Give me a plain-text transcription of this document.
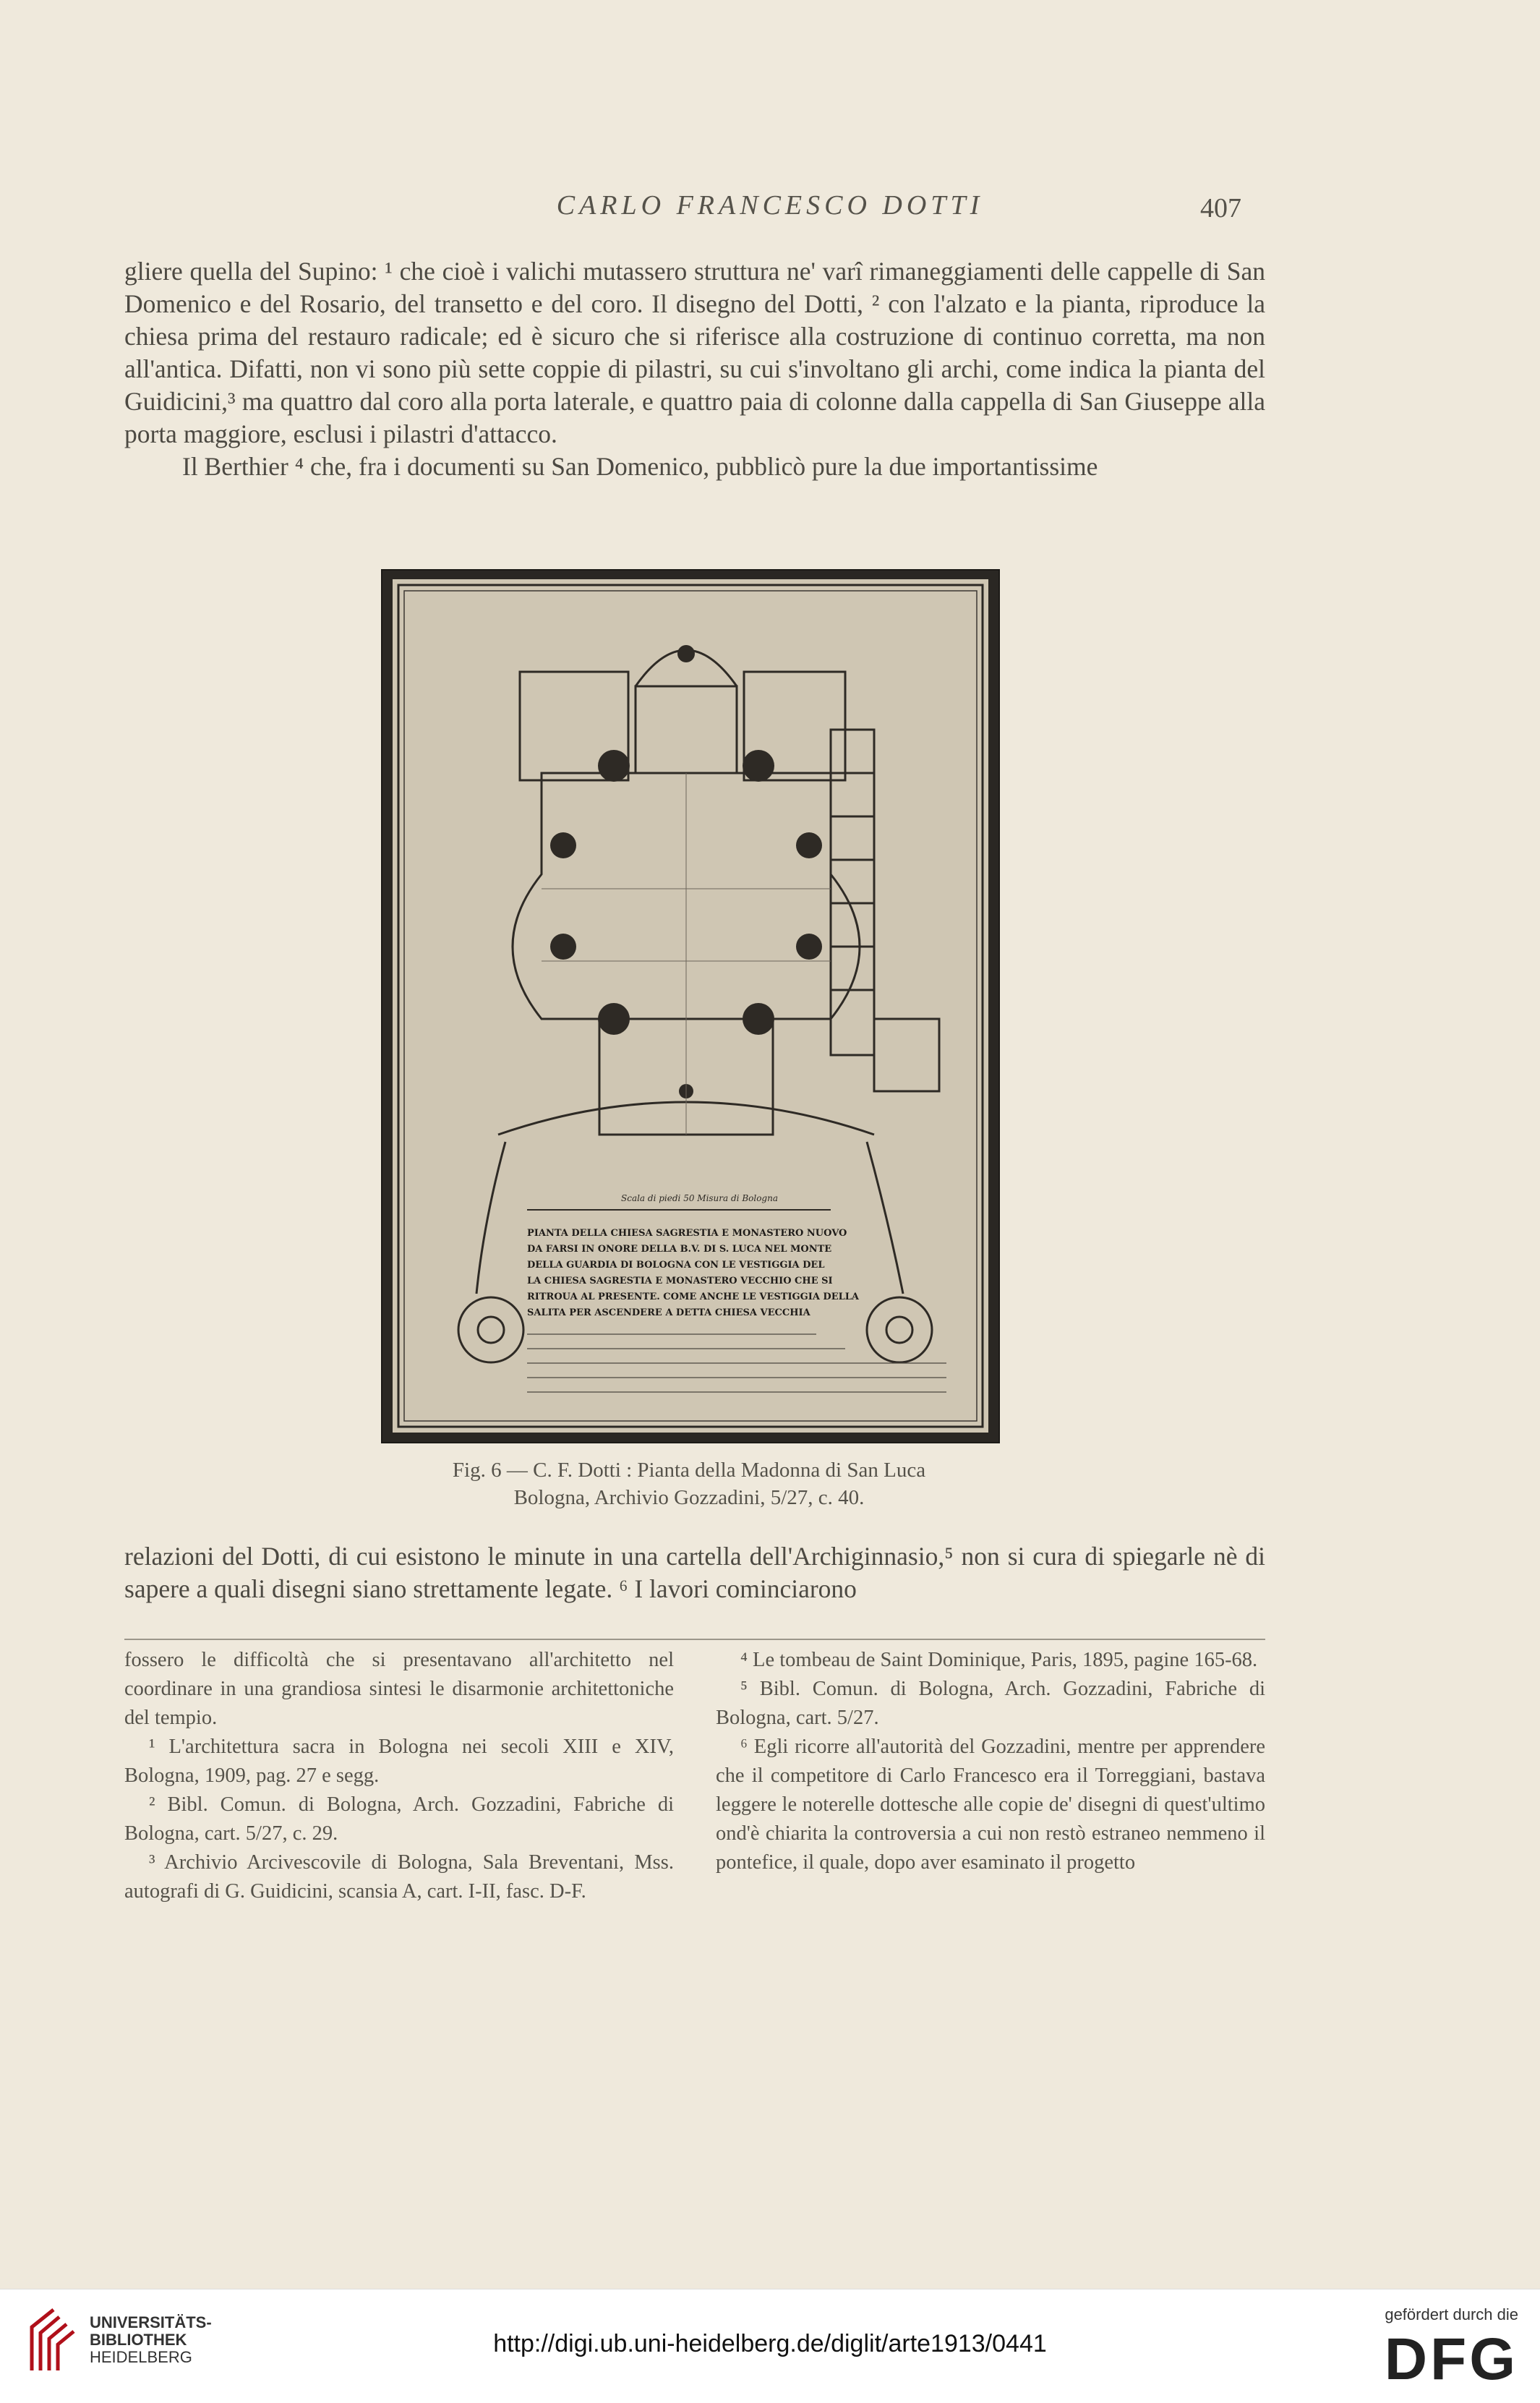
CARLO FRANCESCO DOTTI	407

gliere quella del Supino: ¹ che cioè i valichi mutassero struttura ne' varî rimaneggiamenti delle cappelle di San Domenico e del Rosario, del transetto e del coro. Il disegno del Dotti, ² con l'alzato e la pianta, riproduce la chiesa prima del restauro radicale; ed è sicuro che si riferisce alla costruzione di continuo corretta, ma non all'antica. Difatti, non vi sono più sette coppie di pilastri, su cui s'involtano gli archi, come indica la pianta del Guidicini,³ ma quattro dal coro alla porta laterale, e quattro paia di colonne dalla cappella di San Giuseppe alla porta maggiore, esclusi i pilastri d'attacco.

Il Berthier ⁴ che, fra i documenti su San Domenico, pubblicò pure la due importantissime

Scala di piedi 50 Misura di Bologna
PIANTA DELLA CHIESA SAGRESTIA E MONASTERO NUOVO
DA FARSI IN ONORE DELLA B.V. DI S. LUCA NEL MONTE
DELLA GUARDIA DI BOLOGNA CON LE VESTIGGIA DEL
LA CHIESA SAGRESTIA E MONASTERO VECCHIO CHE SI
RITROUA AL PRESENTE. COME ANCHE LE VESTIGGIA DELLA
SALITA PER ASCENDERE A DETTA CHIESA VECCHIA
Fig. 6 — C. F. Dotti : Pianta della Madonna di San Luca
Bologna, Archivio Gozzadini, 5/27, c. 40.

relazioni del Dotti, di cui esistono le minute in una cartella dell'Archiginnasio,⁵ non si cura di spiegarle nè di sapere a quali disegni siano strettamente legate. ⁶ I lavori cominciarono

fossero le difficoltà che si presentavano all'architetto nel coordinare in una grandiosa sintesi le disarmonie architettoniche del tempio.

¹ L'architettura sacra in Bologna nei secoli XIII e XIV, Bologna, 1909, pag. 27 e segg.

² Bibl. Comun. di Bologna, Arch. Gozzadini, Fabriche di Bologna, cart. 5/27, c. 29.

³ Archivio Arcivescovile di Bologna, Sala Breventani, Mss. autografi di G. Guidicini, scansia A, cart. I-II, fasc. D-F.

⁴ Le tombeau de Saint Dominique, Paris, 1895, pagine 165-68.

⁵ Bibl. Comun. di Bologna, Arch. Gozzadini, Fabriche di Bologna, cart. 5/27.

⁶ Egli ricorre all'autorità del Gozzadini, mentre per apprendere che il competitore di Carlo Francesco era il Torreggiani, bastava leggere le noterelle dottesche alle copie de' disegni di quest'ultimo ond'è chiarita la controversia a cui non restò estraneo nemmeno il pontefice, il quale, dopo aver esaminato il progetto

UNIVERSITÄTS-
BIBLIOTHEK
HEIDELBERG	http://digi.ub.uni-heidelberg.de/diglit/arte1913/0441
gefördert durch die
DFG
